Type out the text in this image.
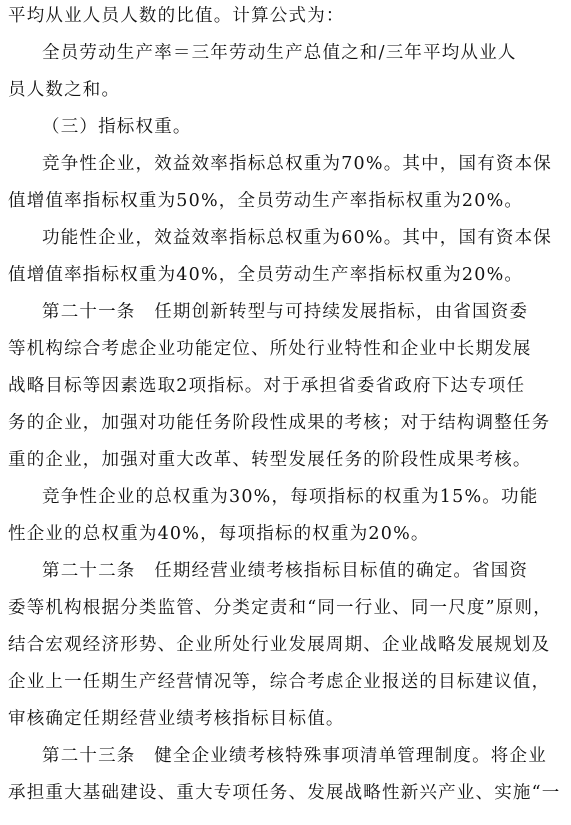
平均从业人员人数的比值。计算公式为：
全员劳动生产率＝三年劳动生产总值之和/三年平均从业人
员人数之和。
（三）指标权重。
竞争性企业，效益效率指标总权重为70%。其中，国有资本保
值增值率指标权重为50%，全员劳动生产率指标权重为20%。
功能性企业，效益效率指标总权重为60%。其中，国有资本保
值增值率指标权重为40%，全员劳动生产率指标权重为20%。
第二十一条　任期创新转型与可持续发展指标，由省国资委
等机构综合考虑企业功能定位、所处行业特性和企业中长期发展
战略目标等因素选取2项指标。对于承担省委省政府下达专项任
务的企业，加强对功能任务阶段性成果的考核；对于结构调整任务
重的企业，加强对重大改革、转型发展任务的阶段性成果考核。
竞争性企业的总权重为30%，每项指标的权重为15%。功能
性企业的总权重为40%，每项指标的权重为20%。
第二十二条　任期经营业绩考核指标目标值的确定。省国资
委等机构根据分类监管、分类定责和“同一行业、同一尺度”原则，
结合宏观经济形势、企业所处行业发展周期、企业战略发展规划及
企业上一任期生产经营情况等，综合考虑企业报送的目标建议值，
审核确定任期经营业绩考核指标目标值。
第二十三条　健全企业绩考核特殊事项清单管理制度。将企业
承担重大基础建设、重大专项任务、发展战略性新兴产业、实施“一
